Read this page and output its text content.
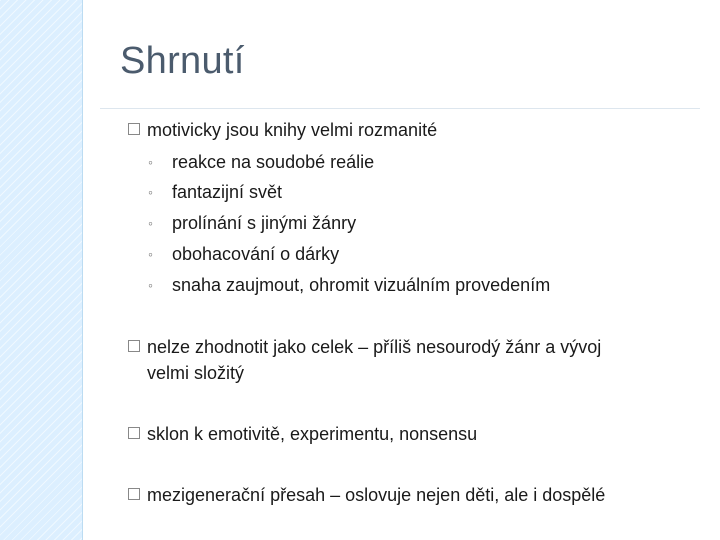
Shrnutí
motivicky jsou knihy velmi rozmanité
◦ reakce na soudobé reálie
◦ fantazijní svět
◦ prolínání s jinými žánry
◦ obohacování o dárky
◦ snaha zaujmout, ohromit vizuálním provedením
nelze zhodnotit jako celek – příliš nesourodý žánr a vývoj
velmi složitý
sklon k emotivitě, experimentu, nonsensu
mezigenerační přesah – oslovuje nejen děti, ale i dospělé
